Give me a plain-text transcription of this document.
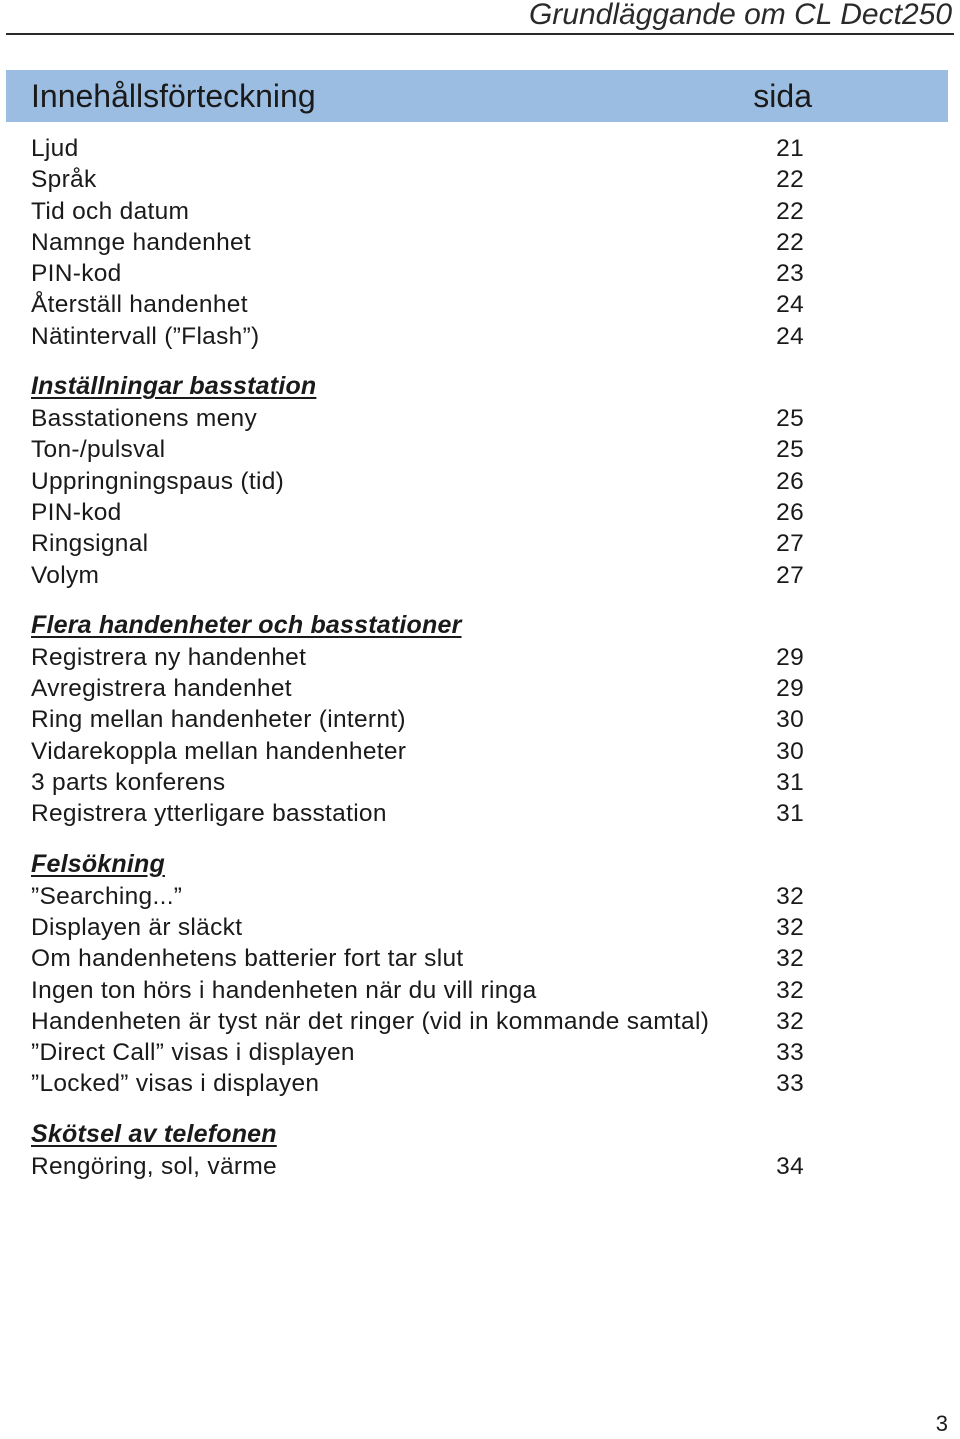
Grundläggande om CL Dect250
Innehållsförteckning	sida
Ljud	21
Språk	22
Tid och datum	22
Namnge handenhet	22
PIN-kod	23
Återställ handenhet	24
Nätintervall (”Flash”)	24
Inställningar basstation
Basstationens meny	25
Ton-/pulsval	25
Uppringningspaus (tid)	26
PIN-kod	26
Ringsignal	27
Volym	27
Flera handenheter och basstationer
Registrera ny handenhet	29
Avregistrera handenhet	29
Ring mellan handenheter (internt)	30
Vidarekoppla mellan handenheter	30
3 parts konferens	31
Registrera ytterligare basstation	31
Felsökning
”Searching...”	32
Displayen är släckt	32
Om handenhetens batterier fort tar slut	32
Ingen ton hörs i handenheten när du vill ringa	32
Handenheten är tyst när det ringer (vid in kommande samtal)	32
”Direct Call” visas i displayen	33
”Locked” visas i displayen	33
Skötsel av telefonen
Rengöring, sol, värme	34
3
